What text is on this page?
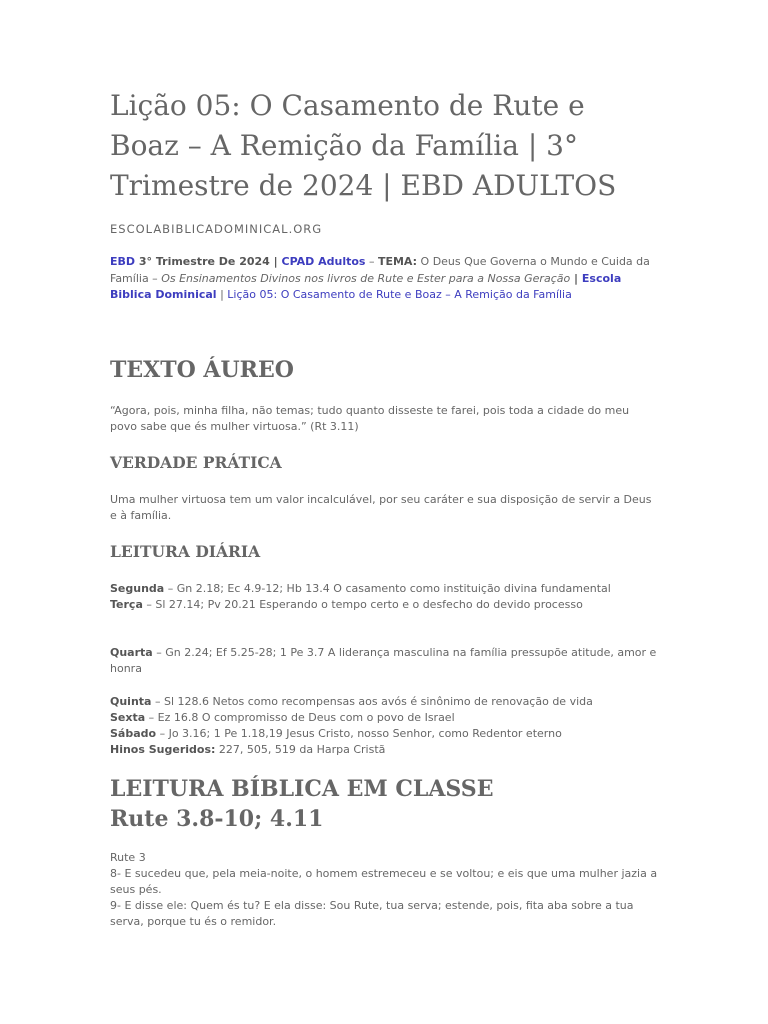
Lição 05: O Casamento de Rute e Boaz – A Remição da Família | 3° Trimestre de 2024 | EBD ADULTOS
ESCOLABIBLICADOMINICAL.ORG
EBD 3° Trimestre De 2024 | CPAD Adultos – TEMA: O Deus Que Governa o Mundo e Cuida da Família – Os Ensinamentos Divinos nos livros de Rute e Ester para a Nossa Geração | Escola Biblica Dominical | Lição 05: O Casamento de Rute e Boaz – A Remição da Família
TEXTO ÁUREO

“Agora, pois, minha filha, não temas; tudo quanto disseste te farei, pois toda a cidade do meu povo sabe que és mulher virtuosa.” (Rt 3.11)

VERDADE PRÁTICA

Uma mulher virtuosa tem um valor incalculável, por seu caráter e sua disposição de servir a Deus e à família.

LEITURA DIÁRIA

Segunda – Gn 2.18; Ec 4.9-12; Hb 13.4 O casamento como instituição divina fundamental

Terça – Sl 27.14; Pv 20.21 Esperando o tempo certo e o desfecho do devido processo

Quarta – Gn 2.24; Ef 5.25-28; 1 Pe 3.7 A liderança masculina na família pressupõe atitude, amor e honra

Quinta – Sl 128.6 Netos como recompensas aos avós é sinônimo de renovação de vida

Sexta – Ez 16.8 O compromisso de Deus com o povo de Israel

Sábado – Jo 3.16; 1 Pe 1.18,19 Jesus Cristo, nosso Senhor, como Redentor eterno

Hinos Sugeridos: 227, 505, 519 da Harpa Cristã

LEITURA BÍBLICA EM CLASSE
Rute 3.8-10; 4.11

Rute 3

8- E sucedeu que, pela meia-noite, o homem estremeceu e se voltou; e eis que uma mulher jazia a seus pés.

9- E disse ele: Quem és tu? E ela disse: Sou Rute, tua serva; estende, pois, fita aba sobre a tua serva, porque tu és o remidor.
